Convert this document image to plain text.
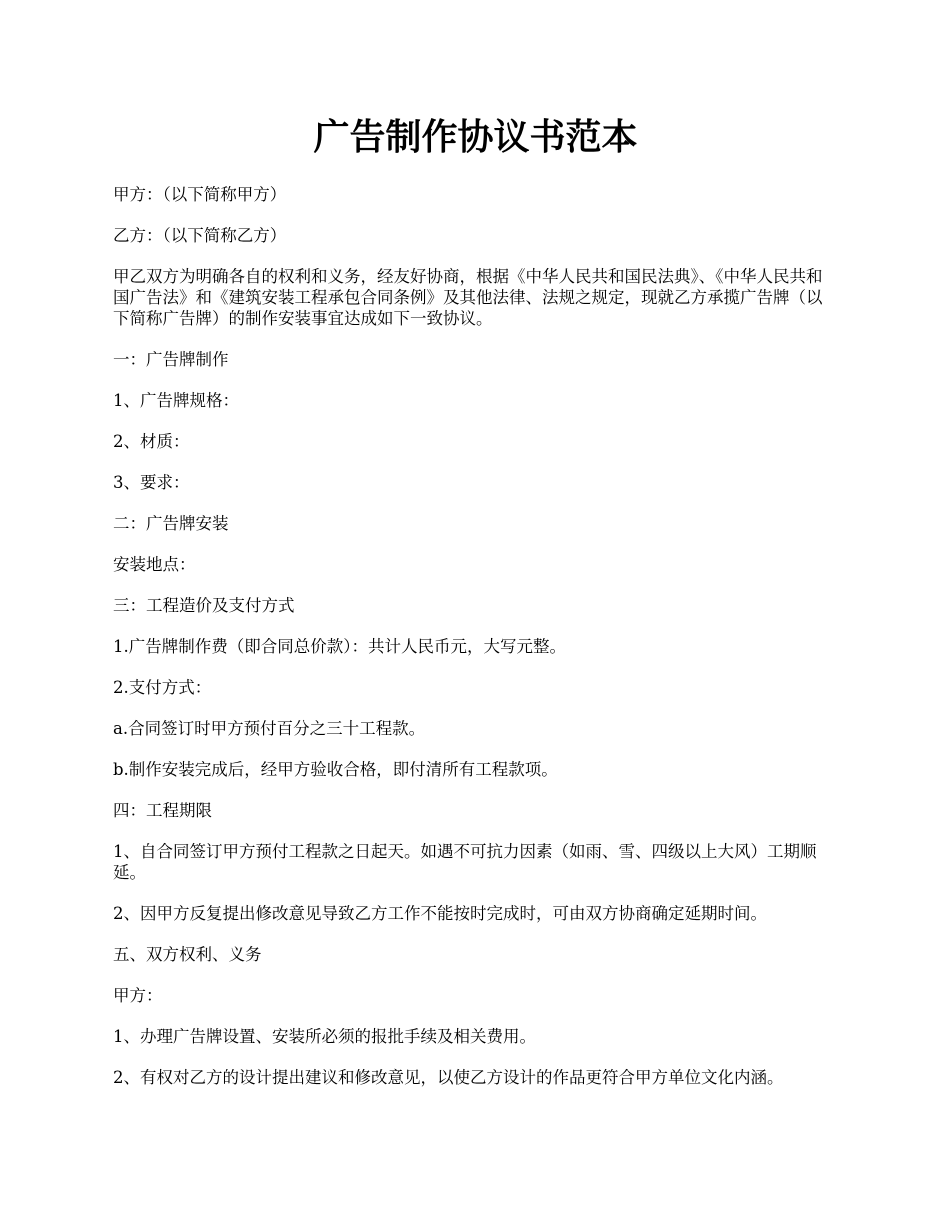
广告制作协议书范本

甲方：（以下简称甲方）

乙方：（以下简称乙方）

甲乙双方为明确各自的权利和义务，经友好协商，根据《中华人民共和国民法典》、《中华人民共和国广告法》和《建筑安装工程承包合同条例》及其他法律、法规之规定，现就乙方承揽广告牌（以下简称广告牌）的制作安装事宜达成如下一致协议。

一：广告牌制作

1、广告牌规格：

2、材质：

3、要求：

二：广告牌安装

安装地点：

三：工程造价及支付方式

1.广告牌制作费（即合同总价款）：共计人民币元，大写元整。

2.支付方式：

a.合同签订时甲方预付百分之三十工程款。

b.制作安装完成后，经甲方验收合格，即付清所有工程款项。

四：工程期限

1、自合同签订甲方预付工程款之日起天。如遇不可抗力因素（如雨、雪、四级以上大风）工期顺延。

2、因甲方反复提出修改意见导致乙方工作不能按时完成时，可由双方协商确定延期时间。

五、双方权利、义务

甲方：

1、办理广告牌设置、安装所必须的报批手续及相关费用。

2、有权对乙方的设计提出建议和修改意见，以使乙方设计的作品更符合甲方单位文化内涵。
